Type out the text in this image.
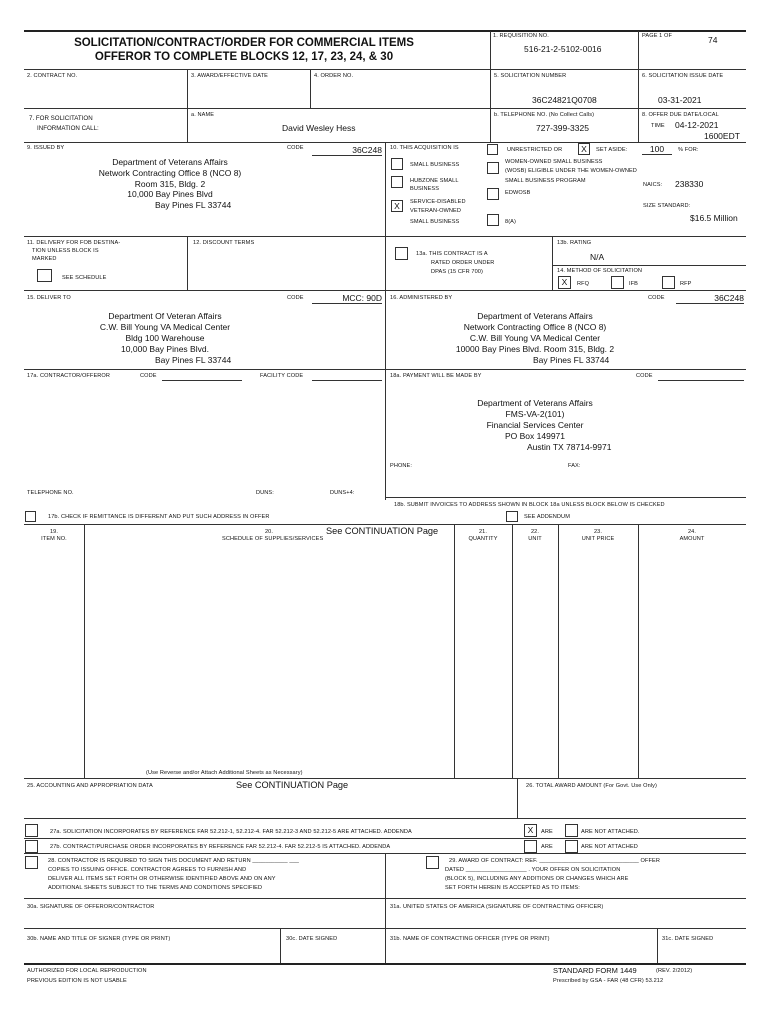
SOLICITATION/CONTRACT/ORDER FOR COMMERCIAL ITEMS
OFFEROR TO COMPLETE BLOCKS 12, 17, 23, 24, & 30
1. REQUISITION NO.
516-21-2-5102-0016
PAGE 1 OF	74
2. CONTRACT NO.	3. AWARD/EFFECTIVE DATE	4. ORDER NO.	5. SOLICITATION NUMBER
36C24821Q0708
6. SOLICITATION ISSUE DATE
03-31-2021
7. FOR SOLICITATION
INFORMATION CALL:
a. NAME
David Wesley Hess
b. TELEPHONE NO. (No Collect Calls)
727-399-3325
8. OFFER DUE DATE/LOCAL
TIME 04-12-2021
1600EDT
9. ISSUED BY	CODE	36C248
Department of Veterans Affairs
Network Contracting Office 8 (NCO 8)
Room 315, Bldg. 2
10,000 Bay Pines Blvd
Bay Pines FL 33744
10. THIS ACQUISITION IS	UNRESTRICTED OR	X	SET ASIDE:	100	% FOR:
SMALL BUSINESS
HUBZONE SMALL
BUSINESS
X	SERVICE-DISABLED
VETERAN-OWNED
SMALL BUSINESS
WOMEN-OWNED SMALL BUSINESS
(WOSB) ELIGIBLE UNDER THE WOMEN-OWNED
SMALL BUSINESS PROGRAM
EDWOSB
8(A)
NAICS: 238330
SIZE STANDARD:
$16.5 Million
11. DELIVERY FOR FOB DESTINA-
TION UNLESS BLOCK IS
MARKED
SEE SCHEDULE
12. DISCOUNT TERMS
13a. THIS CONTRACT IS A
RATED ORDER UNDER
DPAS (15 CFR 700)
13b. RATING
N/A
14. METHOD OF SOLICITATION
X	RFQ	IFB	RFP
15. DELIVER TO	CODE	MCC: 90D
Department Of Veteran Affairs
C.W. Bill Young VA Medical Center
Bldg 100 Warehouse
10,000 Bay Pines Blvd.
Bay Pines FL 33744
16. ADMINISTERED BY	CODE	36C248
Department of Veterans Affairs
Network Contracting Office 8 (NCO 8)
C.W. Bill Young VA Medical Center
10000 Bay Pines Blvd. Room 315, Bldg. 2
Bay Pines FL 33744
17a. CONTRACTOR/OFFEROR	CODE	FACILITY CODE
TELEPHONE NO.	DUNS:	DUNS+4:
17b. CHECK IF REMITTANCE IS DIFFERENT AND PUT SUCH ADDRESS IN OFFER
18a. PAYMENT WILL BE MADE BY	CODE
Department of Veterans Affairs
FMS-VA-2(101)
Financial Services Center
PO Box 149971
Austin TX 78714-9971
PHONE:	FAX:
18b. SUBMIT INVOICES TO ADDRESS SHOWN IN BLOCK 18a UNLESS BLOCK BELOW IS CHECKED
SEE ADDENDUM
19.
ITEM NO.
20.
SCHEDULE OF SUPPLIES/SERVICES
See CONTINUATION Page	21.
QUANTITY
22.
UNIT
23.
UNIT PRICE
24.
AMOUNT
(Use Reverse and/or Attach Additional Sheets as Necessary)
25. ACCOUNTING AND APPROPRIATION DATA	See CONTINUATION Page	26. TOTAL AWARD AMOUNT (For Govt. Use Only)
27a. SOLICITATION INCORPORATES BY REFERENCE FAR 52.212-1, 52.212-4. FAR 52.212-3 AND 52.212-5 ARE ATTACHED. ADDENDA	X	ARE	ARE NOT ATTACHED.
27b. CONTRACT/PURCHASE ORDER INCORPORATES BY REFERENCE FAR 52.212-4. FAR 52.212-5 IS ATTACHED. ADDENDA	ARE	ARE NOT ATTACHED
28. CONTRACTOR IS REQUIRED TO SIGN THIS DOCUMENT AND RETURN ___________ ___
COPIES TO ISSUING OFFICE. CONTRACTOR AGREES TO FURNISH AND
DELIVER ALL ITEMS SET FORTH OR OTHERWISE IDENTIFIED ABOVE AND ON ANY
ADDITIONAL SHEETS SUBJECT TO THE TERMS AND CONDITIONS SPECIFIED
29. AWARD OF CONTRACT: REF. _______________________________ OFFER
DATED ___________________ . YOUR OFFER ON SOLICITATION
(BLOCK 5), INCLUDING ANY ADDITIONS OR CHANGES WHICH ARE
SET FORTH HEREIN IS ACCEPTED AS TO ITEMS:
30a. SIGNATURE OF OFFEROR/CONTRACTOR	31a. UNITED STATES OF AMERICA (SIGNATURE OF CONTRACTING OFFICER)
30b. NAME AND TITLE OF SIGNER (TYPE OR PRINT)	30c. DATE SIGNED	31b. NAME OF CONTRACTING OFFICER (TYPE OR PRINT)	31c. DATE SIGNED
AUTHORIZED FOR LOCAL REPRODUCTION
PREVIOUS EDITION IS NOT USABLE
STANDARD FORM 1449	(REV. 2/2012)
Prescribed by GSA - FAR (48 CFR) 53.212
